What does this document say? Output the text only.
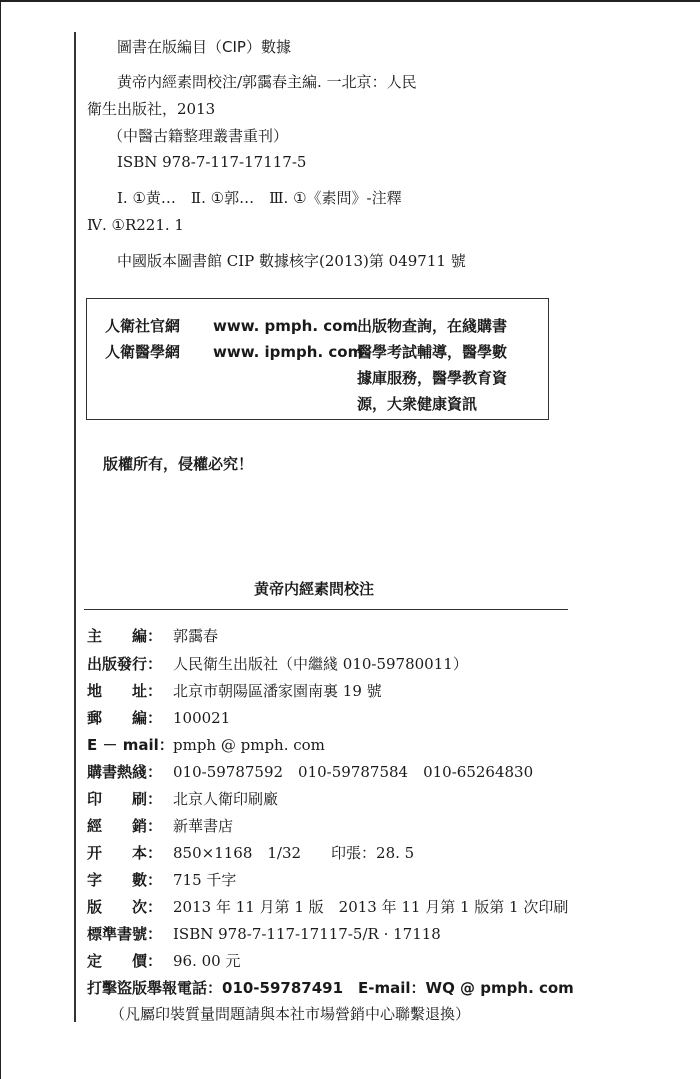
圖書在版編目（CIP）數據
黄帝内經素問校注/郭靄春主編. 一北京：人民
衛生出版社，2013
（中醫古籍整理叢書重刊）
ISBN 978-7-117-17117-5
Ⅰ. ①黄…　Ⅱ. ①郭…　Ⅲ. ①《素問》-注釋
Ⅳ. ①R221. 1
中國版本圖書館 CIP 數據核字(2013)第 049711 號
人衛社官網 www. pmph. com
出版物查詢，在綫購書
人衛醫學網 www. ipmph. com
醫學考試輔導，醫學數
據庫服務，醫學教育資
源，大衆健康資訊
版權所有，侵權必究！
黄帝内經素問校注
主　　編： 郭靄春
出版發行： 人民衛生出版社（中繼綫 010-59780011）
地　　址： 北京市朝陽區潘家園南裏 19 號
郵　　編： 100021
E － mail： pmph @ pmph. com
購書熱綫： 010-59787592　010-59787584　010-65264830
印　　刷： 北京人衛印刷廠
經　　銷： 新華書店
开　　本： 850×1168　1/32　　印張：28. 5
字　　數： 715 千字
版　　次： 2013 年 11 月第 1 版　2013 年 11 月第 1 版第 1 次印刷
標準書號： ISBN 978-7-117-17117-5/R · 17118
定　　價： 96. 00 元
打擊盜版舉報電話：010-59787491　E-mail：WQ @ pmph. com
（凡屬印裝質量問題請與本社市場營銷中心聯繫退換）
